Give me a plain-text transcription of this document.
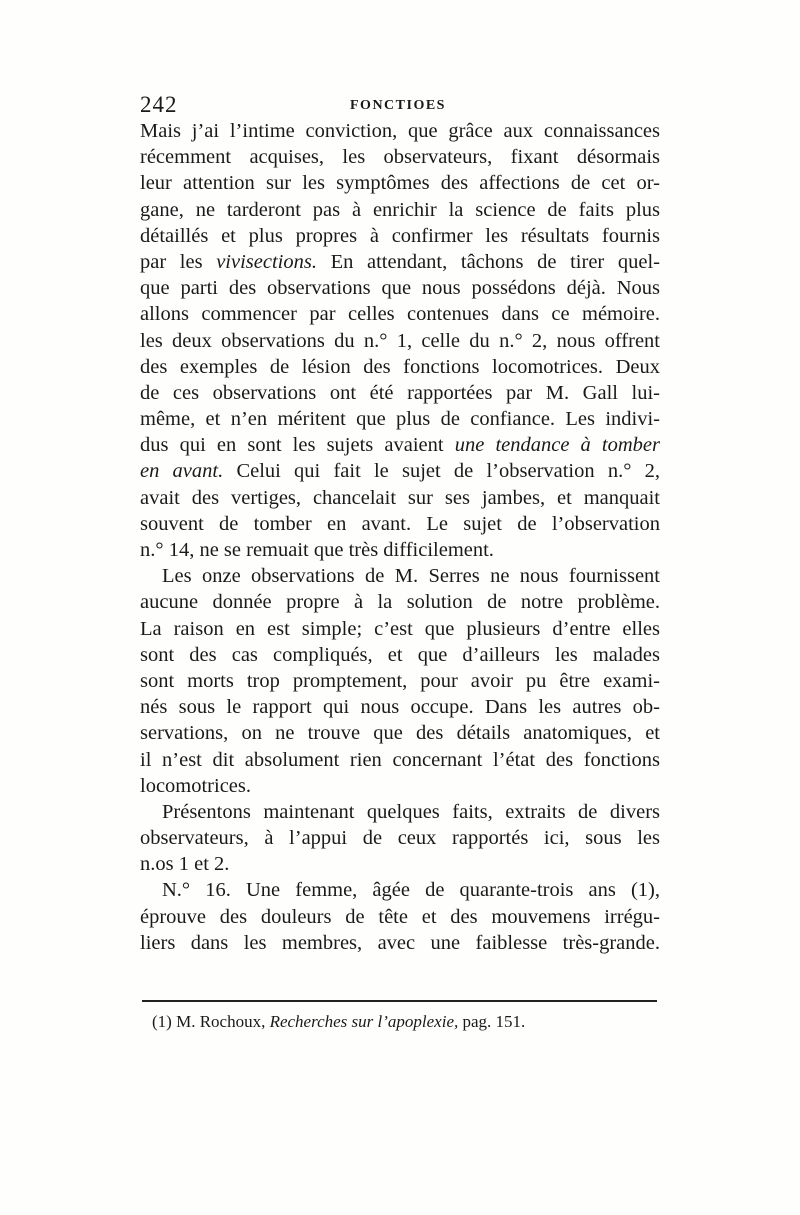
242	FONCTIOES
Mais j’ai l’intime conviction, que grâce aux connaissances
récemment acquises, les observateurs, fixant désormais
leur attention sur les symptômes des affections de cet or-
gane, ne tarderont pas à enrichir la science de faits plus
détaillés et plus propres à confirmer les résultats fournis
par les vivisections. En attendant, tâchons de tirer quel-
que parti des observations que nous possédons déjà. Nous
allons commencer par celles contenues dans ce mémoire.
les deux observations du n.° 1, celle du n.° 2, nous offrent
des exemples de lésion des fonctions locomotrices. Deux
de ces observations ont été rapportées par M. Gall lui-
même, et n’en méritent que plus de confiance. Les indivi-
dus qui en sont les sujets avaient une tendance à tomber
en avant. Celui qui fait le sujet de l’observation n.° 2,
avait des vertiges, chancelait sur ses jambes, et manquait
souvent de tomber en avant. Le sujet de l’observation
n.° 14, ne se remuait que très difficilement.
Les onze observations de M. Serres ne nous fournissent
aucune donnée propre à la solution de notre problème.
La raison en est simple; c’est que plusieurs d’entre elles
sont des cas compliqués, et que d’ailleurs les malades
sont morts trop promptement, pour avoir pu être exami-
nés sous le rapport qui nous occupe. Dans les autres ob-
servations, on ne trouve que des détails anatomiques, et
il n’est dit absolument rien concernant l’état des fonctions
locomotrices.
Présentons maintenant quelques faits, extraits de divers
observateurs, à l’appui de ceux rapportés ici, sous les
n.os 1 et 2.
N.° 16. Une femme, âgée de quarante-trois ans (1),
éprouve des douleurs de tête et des mouvemens irrégu-
liers dans les membres, avec une faiblesse très-grande.
(1) M. Rochoux, Recherches sur l’apoplexie, pag. 151.
